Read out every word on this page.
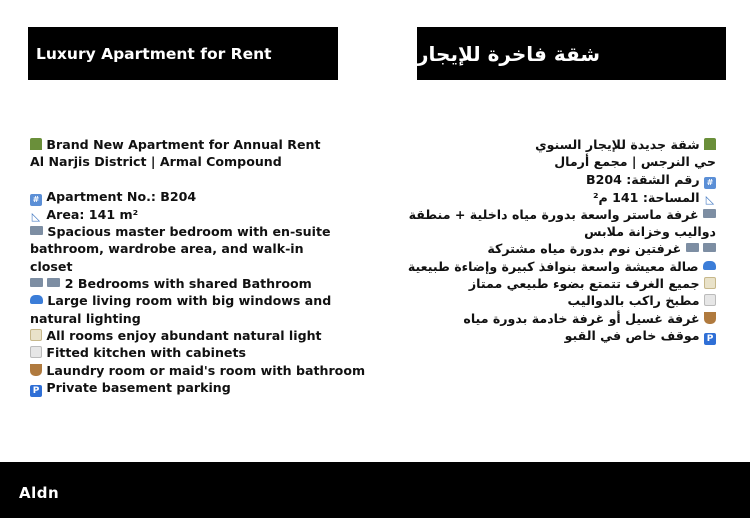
Luxury Apartment for Rent	شقة فاخرة للإيجار
Brand New Apartment for Annual Rent
Al Narjis District | Armal Compound
# Apartment No.: B204
◺ Area: 141 m²
Spacious master bedroom with en-suite bathroom, wardrobe area, and walk-in closet
2 Bedrooms with shared Bathroom
Large living room with big windows and natural lighting
All rooms enjoy abundant natural light
Fitted kitchen with cabinets
Laundry room or maid's room with bathroom
P Private basement parking
شقة جديدة للإيجار السنوي
حي النرجس | مجمع أرمال
# رقم الشقة: B204
◺ المساحة: 141 م²
غرفة ماستر واسعة بدورة مياه داخلية + منطقة دواليب وخزانة ملابس
غرفتين نوم بدورة مياه مشتركة
صالة معيشة واسعة بنوافذ كبيرة وإضاءة طبيعية
جميع الغرف تتمتع بضوء طبيعي ممتاز
مطبخ راكب بالدواليب
غرفة غسيل أو غرفة خادمة بدورة مياه
P موقف خاص في القبو
Aldn
